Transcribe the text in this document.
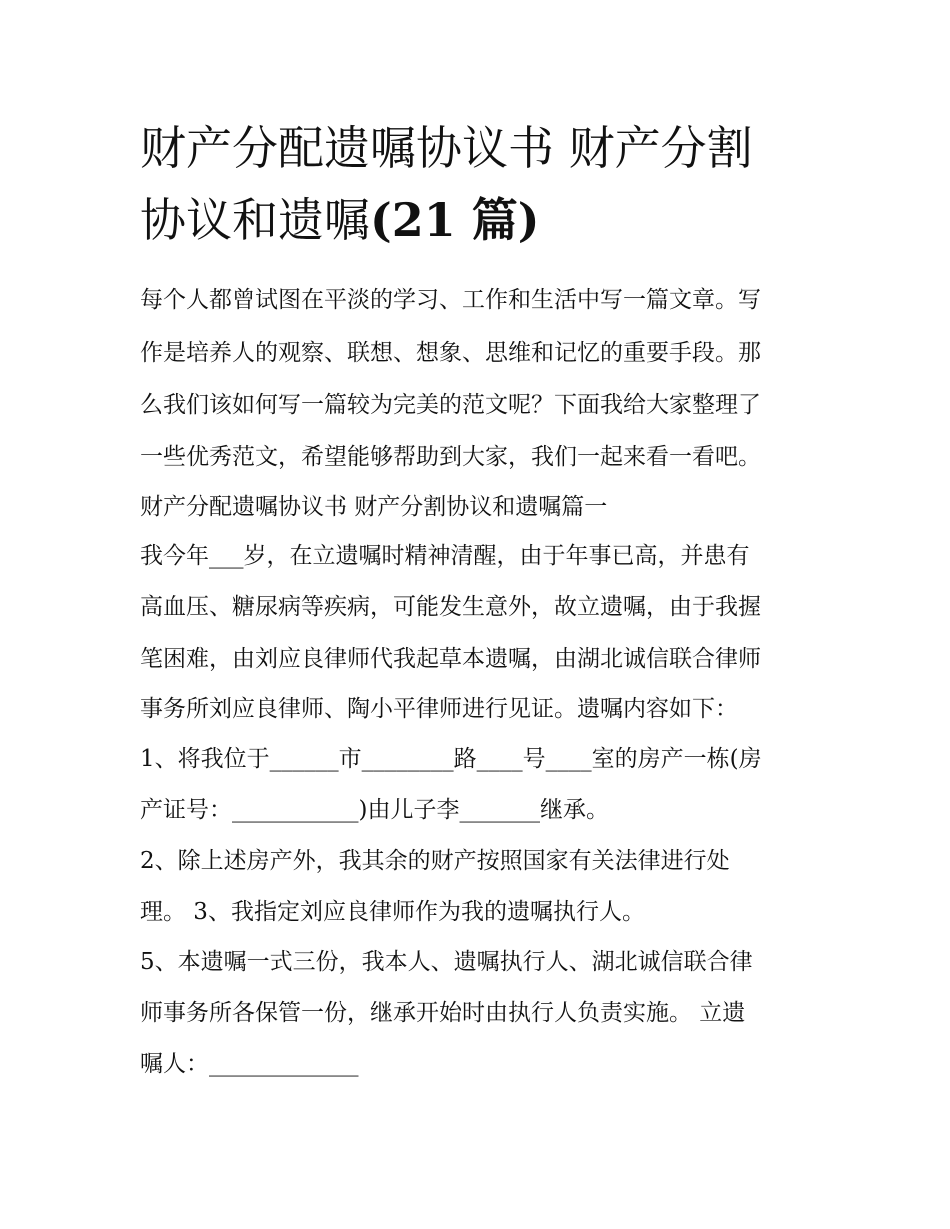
财产分配遗嘱协议书 财产分割
协议和遗嘱(21 篇)
每个人都曾试图在平淡的学习、工作和生活中写一篇文章。写
作是培养人的观察、联想、想象、思维和记忆的重要手段。那
么我们该如何写一篇较为完美的范文呢？下面我给大家整理了
一些优秀范文，希望能够帮助到大家，我们一起来看一看吧。
财产分配遗嘱协议书 财产分割协议和遗嘱篇一
我今年___岁，在立遗嘱时精神清醒，由于年事已高，并患有
高血压、糖尿病等疾病，可能发生意外，故立遗嘱，由于我握
笔困难，由刘应良律师代我起草本遗嘱，由湖北诚信联合律师
事务所刘应良律师、陶小平律师进行见证。遗嘱内容如下：
1、将我位于______市________路____号____室的房产一栋(房
产证号：___________)由儿子李_______继承。
2、除上述房产外，我其余的财产按照国家有关法律进行处
理。 3、我指定刘应良律师作为我的遗嘱执行人。
5、本遗嘱一式三份，我本人、遗嘱执行人、湖北诚信联合律
师事务所各保管一份，继承开始时由执行人负责实施。 立遗
嘱人：_____________
